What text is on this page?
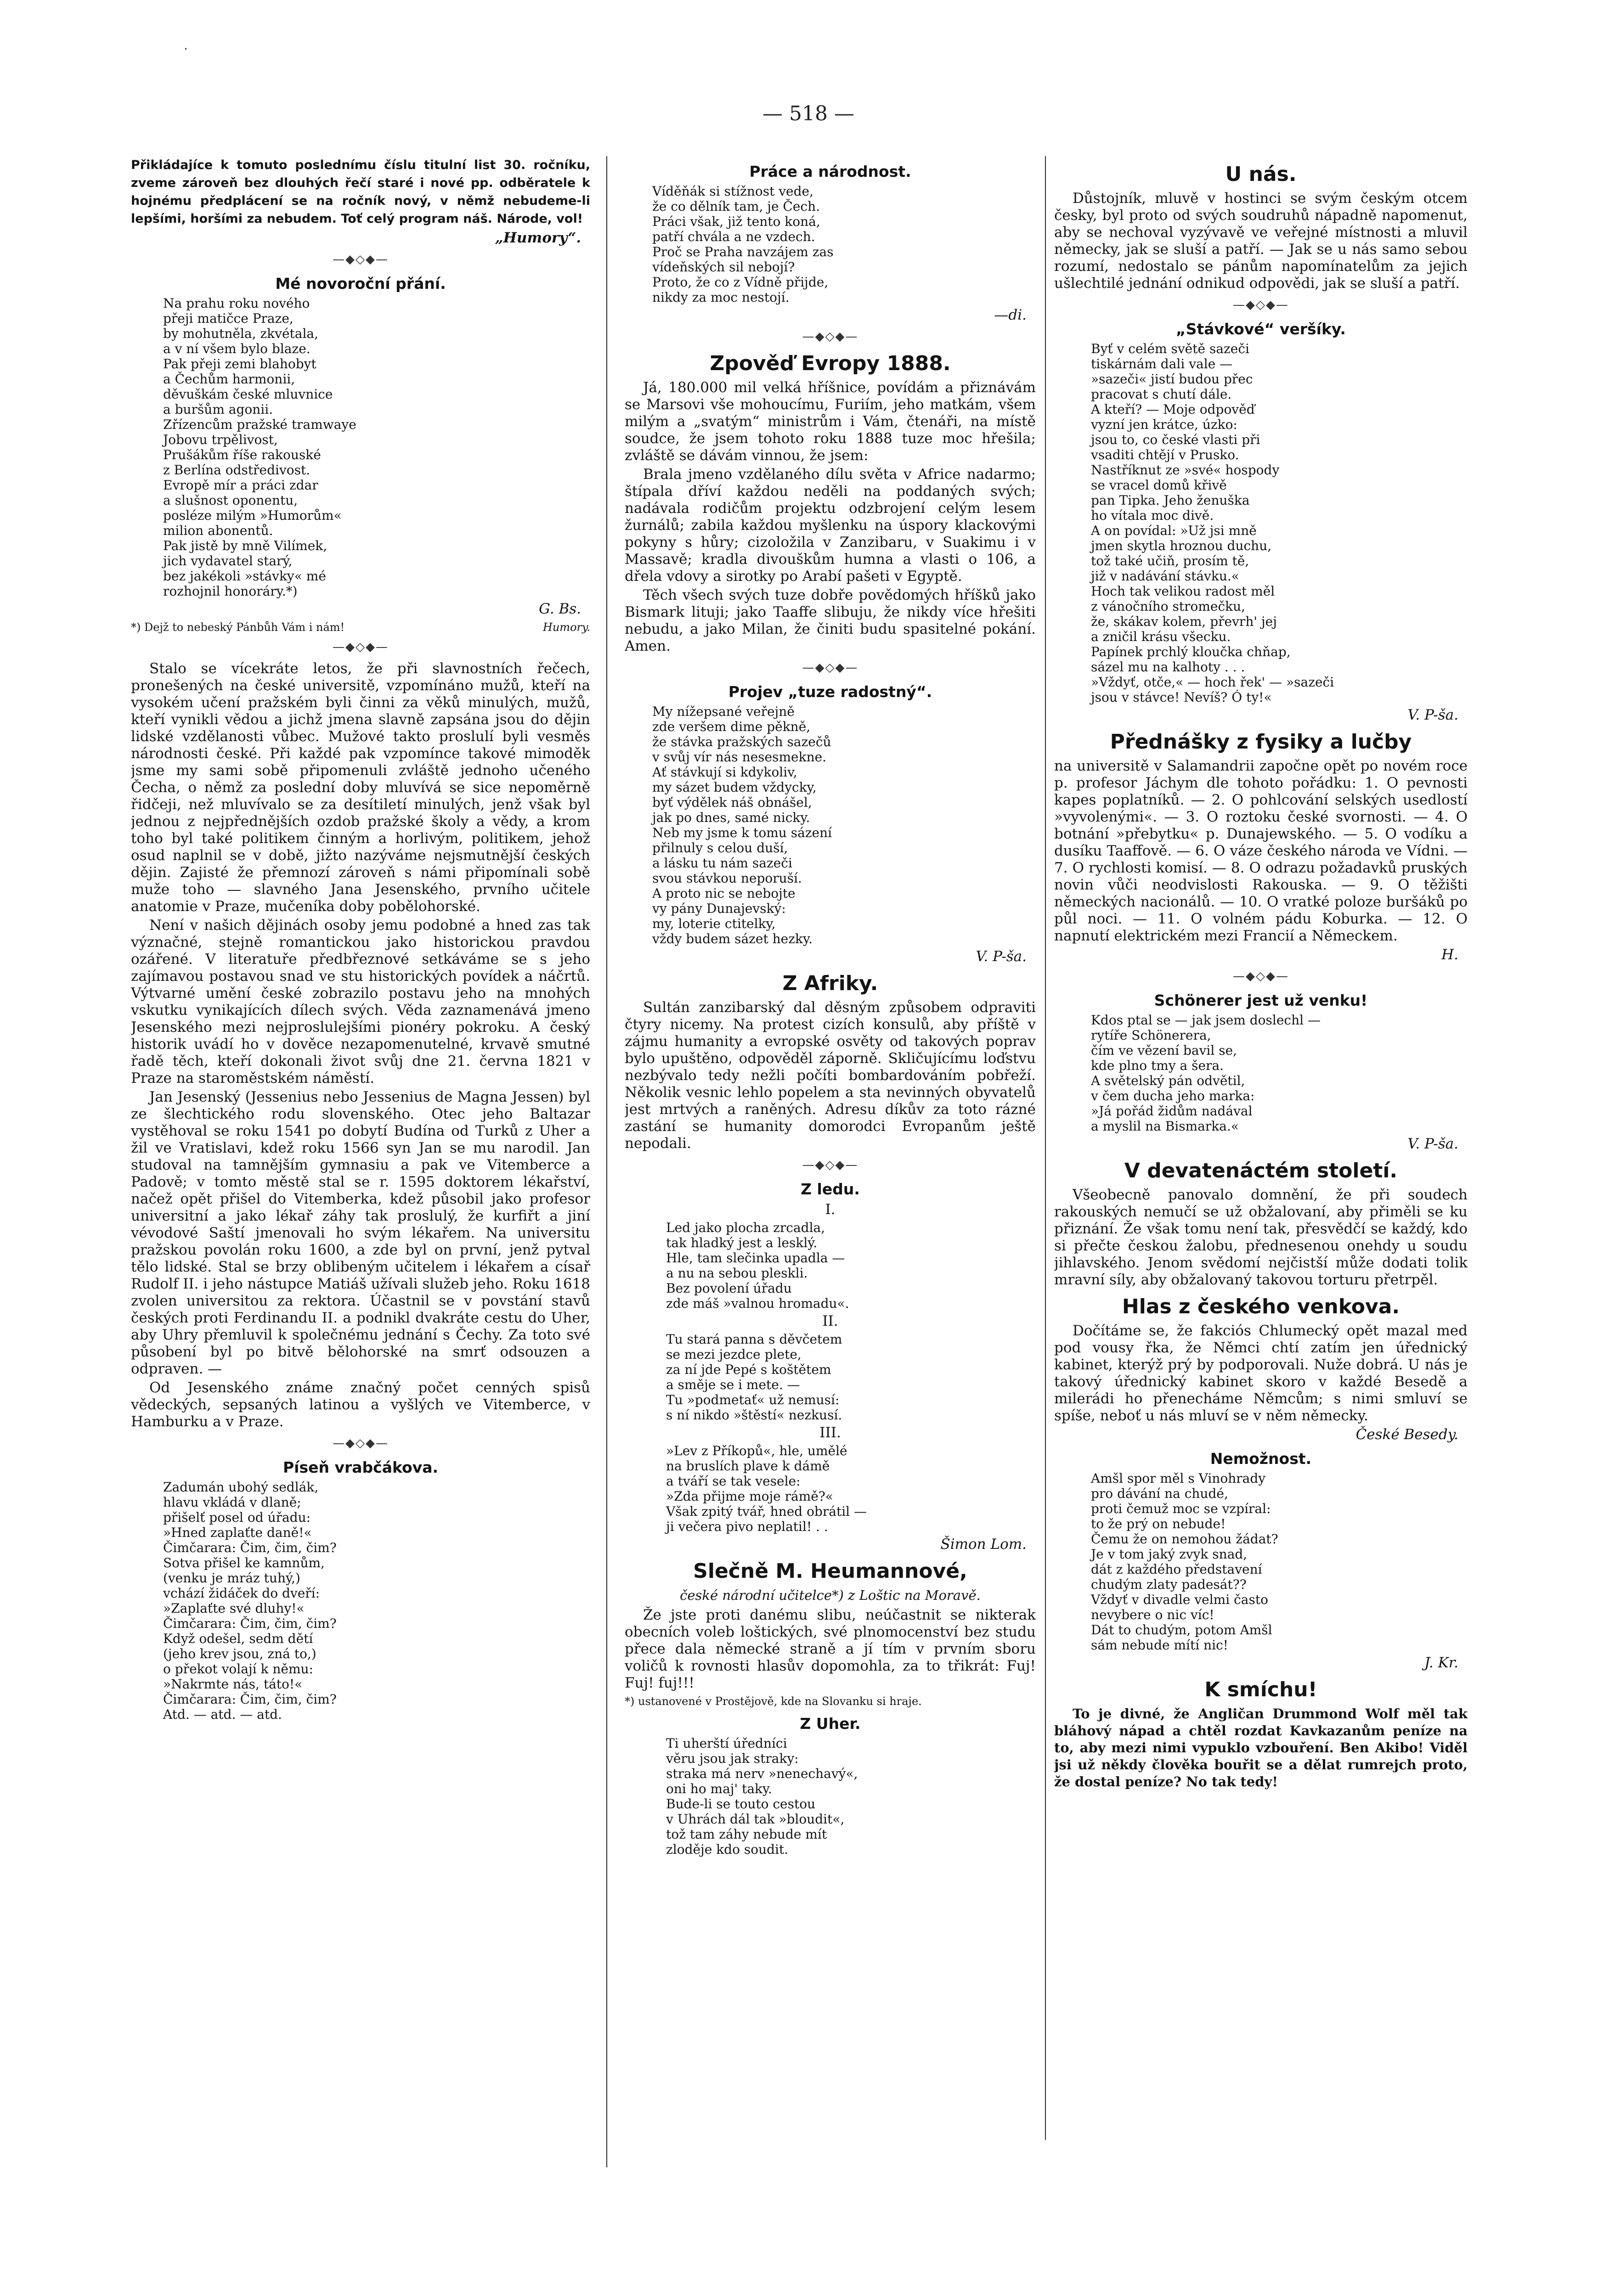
·
— 518 —

Přikládajíce k tomuto poslednímu číslu titulní list 30. ročníku, zveme zároveň bez dlouhých řečí staré i nové pp. odběratele k hojnému předplácení se na ročník nový, v němž nebudeme-li lepšími, horšími za nebudem. Toť celý program náš. Národe, vol!

„Humory“.

—◆◇◆—
Mé novoroční přání.
Na prahu roku nového
přeji matičce Praze,
by mohutněla, zkvétala,
a v ní všem bylo blaze.
Pak přeji zemi blahobyt
a Čechům harmonii,
děvuškám české mluvnice
a buršům agonii.
Zřízencům pražské tramwaye
Jobovu trpělivost,
Prušákům říše rakouské
z Berlína odstředivost.
Evropě mír a práci zdar
a slušnost oponentu,
posléze milým »Humorům«
milion abonentů.
Pak jistě by mně Vilímek,
jich vydavatel starý,
bez jakékoli »stávky« mé
rozhojnil honoráry.*)

G. Bs.

*) Dejž to nebeský Pánbůh Vám i nám!	Humory.
—◆◇◆—

Stalo se vícekráte letos, že při slavnostních řečech, pronešených na české universitě, vzpomínáno mužů, kteří na vysokém učení pražském byli činni za věků minulých, mužů, kteří vynikli vědou a jichž jmena slavně zapsána jsou do dějin lidské vzdělanosti vůbec. Mužové takto proslulí byli vesměs národnosti české. Při každé pak vzpomínce takové mimoděk jsme my sami sobě připomenuli zvláště jednoho učeného Čecha, o němž za poslední doby mluvívá se sice nepoměrně řidčeji, než mluvívalo se za desítiletí minulých, jenž však byl jednou z nejpřednějších ozdob pražské školy a vědy, a krom toho byl také politikem činným a horlivým, politikem, jehož osud naplnil se v době, jižto nazýváme nejsmutnější českých dějin. Zajisté že přemnozí zároveň s námi připomínali sobě muže toho — slavného Jana Jesenského, prvního učitele anatomie v Praze, mučeníka doby pobělohorské.

Není v našich dějinách osoby jemu podobné a hned zas tak význačné, stejně romantickou jako historickou pravdou ozářené. V literatuře předbřeznové setkáváme se s jeho zajímavou postavou snad ve stu historických povídek a náčrtů. Výtvarné umění české zobrazilo postavu jeho na mnohých vskutku vynikajících dílech svých. Věda zaznamenává jmeno Jesenského mezi nejproslulejšími pionéry pokroku. A český historik uvádí ho v dověce nezapomenutelné, krvavě smutné řadě těch, kteří dokonali život svůj dne 21. června 1821 v Praze na staroměstském náměstí.

Jan Jesenský (Jessenius nebo Jessenius de Magna Jessen) byl ze šlechtického rodu slovenského. Otec jeho Baltazar vystěhoval se roku 1541 po dobytí Budína od Turků z Uher a žil ve Vratislavi, kdež roku 1566 syn Jan se mu narodil. Jan studoval na tamnějším gymnasiu a pak ve Vitemberce a Padově; v tomto městě stal se r. 1595 doktorem lékařství, načež opět přišel do Vitemberka, kdež působil jako profesor universitní a jako lékař záhy tak proslulý, že kurfiřt a jiní vévodové Saští jmenovali ho svým lékařem. Na universitu pražskou povolán roku 1600, a zde byl on první, jenž pytval tělo lidské. Stal se brzy oblibeným učitelem i lékařem a císař Rudolf II. i jeho nástupce Matiáš užívali služeb jeho. Roku 1618 zvolen universitou za rektora. Účastnil se v povstání stavů českých proti Ferdinandu II. a podnikl dvakráte cestu do Uher, aby Uhry přemluvil k společnému jednání s Čechy. Za toto své působení byl po bitvě bělohorské na smrť odsouzen a odpraven. —

Od Jesenského známe značný počet cenných spisů vědeckých, sepsaných latinou a vyšlých ve Vitemberce, v Hamburku a v Praze.

—◆◇◆—
Píseň vrabčákova.
Zadumán ubohý sedlák,
hlavu vkládá v dlaně;
přišelť posel od úřadu:
»Hned zaplaťte daně!«
Čimčarara: Čim, čim, čim?
Sotva přišel ke kamnům,
(venku je mráz tuhý,)
vchází židáček do dveří:
»Zaplaťte své dluhy!«
Čimčarara: Čim, čim, čim?
Když odešel, sedm dětí
(jeho krev jsou, zná to,)
o překot volají k němu:
»Nakrmte nás, táto!«
Čimčarara: Čim, čim, čim?
Atd. — atd. — atd.
Práce a národnost.
Víděňák si stížnost vede,
že co dělník tam, je Čech.
Práci však, již tento koná,
patří chvála a ne vzdech.
Proč se Praha navzájem zas
vídeňských sil nebojí?
Proto, že co z Vídně přijde,
nikdy za moc nestojí.

—di.

—◆◇◆—
Zpověď Evropy 1888.

Já, 180.000 mil velká hříšnice, povídám a přiznávám se Marsovi vše mohoucímu, Furiím, jeho matkám, všem milým a „svatým“ ministrům i Vám, čtenáři, na místě soudce, že jsem tohoto roku 1888 tuze moc hřešila; zvláště se dávám vinnou, že jsem:

Brala jmeno vzdělaného dílu světa v Africe nadarmo; štípala dříví každou neděli na poddaných svých; nadávala rodičům projektu odzbrojení celým lesem žurnálů; zabila každou myšlenku na úspory klackovými pokyny s hůry; cizoložila v Zanzibaru, v Suakimu i v Massavě; kradla divouškům humna a vlasti o 106, a dřela vdovy a sirotky po Arabí pašeti v Egyptě.

Těch všech svých tuze dobře povědomých hříšků jako Bismark lituji; jako Taaffe slibuju, že nikdy více hřešiti nebudu, a jako Milan, že činiti budu spasitelné pokání. Amen.

—◆◇◆—
Projev „tuze radostný“.
My nížepsané veřejně
zde veršem dime pěkně,
že stávka pražských sazečů
v svůj vír nás nesesmekne.
Ať stávkují si kdykoliv,
my sázet budem vždycky,
byť výdělek náš obnášel,
jak po dnes, samé nicky.
Neb my jsme k tomu sázení
přilnuly s celou duší,
a lásku tu nám sazeči
svou stávkou neporuší.
A proto nic se nebojte
vy pány Dunajevský:
my, loterie ctitelky,
vždy budem sázet hezky.

V. P-ša.

Z Afriky.

Sultán zanzibarský dal děsným způsobem odpraviti čtyry nicemy. Na protest cizích konsulů, aby příště v zájmu humanity a evropské osvěty od takových poprav bylo upuštěno, odpověděl záporně. Skličujícímu loďstvu nezbývalo tedy nežli počíti bombardováním pobřeží. Několik vesnic lehlo popelem a sta nevinných obyvatelů jest mrtvých a raněných. Adresu díkův za toto rázné zastání se humanity domorodci Evropanům ještě nepodali.

—◆◇◆—
Z ledu.
I.
Led jako plocha zrcadla,
tak hladký jest a lesklý.
Hle, tam slečinka upadla —
a nu na sebou pleskli.
Bez povolení úřadu
zde máš »valnou hromadu«.
II.
Tu stará panna s děvčetem
se mezi jezdce plete,
za ní jde Pepé s koštětem
a směje se i mete. —
Tu »podmetať« už nemusí:
s ní nikdo »štěstí« nezkusí.
III.
»Lev z Příkopů«, hle, umělé
na bruslích plave k dámě
a tváří se tak vesele:
»Zda přijme moje rámě?«
Však zpitý tvář, hned obrátil —
ji večera pivo neplatil! . .

Šimon Lom.

Slečně M. Heumannové,
české národní učitelce*) z Loštic na Moravě.

Že jste proti danému slibu, neúčastnit se nikterak obecních voleb loštických, své plnomocenství bez studu přece dala německé straně a jí tím v prvním sboru voličů k rovnosti hlasův dopomohla, za to třikrát: Fuj! Fuj! fuj!!!

*) ustanovené v Prostějově, kde na Slovanku si hraje.
Z Uher.
Ti uherští úředníci
věru jsou jak straky:
straka má nerv »nenechavý«,
oni ho maj' taky.
Bude-li se touto cestou
v Uhrách dál tak »bloudit«,
tož tam záhy nebude mít
zloděje kdo soudit.
U nás.

Důstojník, mluvě v hostinci se svým českým otcem česky, byl proto od svých soudruhů nápadně napomenut, aby se nechoval vyzývavě ve veřejné místnosti a mluvil německy, jak se sluší a patří. — Jak se u nás samo sebou rozumí, nedostalo se pánům napomínatelům za jejich ušlechtilé jednání odnikud odpovědi, jak se sluší a patří.

—◆◇◆—
„Stávkové“ veršíky.
Byť v celém světě sazeči
tiskárnám dali vale —
»sazeči« jistí budou přec
pracovat s chutí dále.
A kteří? — Moje odpověď
vyzní jen krátce, úzko:
jsou to, co české vlasti při
vsaditi chtějí v Prusko.
Nastříknut ze »své« hospody
se vracel domů křivě
pan Tipka. Jeho ženuška
ho vítala moc divě.
A on povídal: »Už jsi mně
jmen skytla hroznou duchu,
tož také učiň, prosím tě,
již v nadávání stávku.«
Hoch tak velikou radost měl
z vánočního stromečku,
že, skákav kolem, převrh' jej
a zničil krásu všecku.
Papínek prchlý kloučka chňap,
sázel mu na kalhoty . . .
»Vždyť, otče,« — hoch řek' — »sazeči
jsou v stávce! Nevíš? Ó ty!«

V. P-ša.

Přednášky z fysiky a lučby

na universitě v Salamandrii započne opět po novém roce p. profesor Jáchym dle tohoto pořádku: 1. O pevnosti kapes poplatníků. — 2. O pohlcování selských usedlostí »vyvolenými«. — 3. O roztoku české svornosti. — 4. O botnání »přebytku« p. Dunajewského. — 5. O vodíku a dusíku Taaffově. — 6. O váze českého národa ve Vídni. — 7. O rychlosti komisí. — 8. O odrazu požadavků pruských novin vůči neodvislosti Rakouska. — 9. O těžišti německých nacionálů. — 10. O vratké poloze buršáků po půl noci. — 11. O volném pádu Koburka. — 12. O napnutí elektrickém mezi Francií a Německem.

H.

—◆◇◆—
Schönerer jest už venku!
Kdos ptal se — jak jsem doslechl —
rytíře Schönerera,
čím ve vězení bavil se,
kde plno tmy a šera.
A světelský pán odvětil,
v čem ducha jeho marka:
»Já pořád židům nadával
a myslil na Bismarka.«

V. P-ša.

V devatenáctém století.

Všeobecně panovalo domnění, že při soudech rakouských nemučí se už obžalovaní, aby přiměli se ku přiznání. Že však tomu není tak, přesvědčí se každý, kdo si přečte českou žalobu, přednesenou onehdy u soudu jihlavského. Jenom svědomí nejčistší může dodati tolik mravní síly, aby obžalovaný takovou torturu přetrpěl.

Hlas z českého venkova.

Dočítáme se, že fakciós Chlumecký opět mazal med pod vousy řka, že Němci chtí zatím jen úřednický kabinet, kterýž prý by podporovali. Nuže dobrá. U nás je takový úřednický kabinet skoro v každé Besedě a milerádi ho přenecháme Němcům; s nimi smluví se spíše, neboť u nás mluví se v něm německy.

České Besedy.

Nemožnost.
Amšl spor měl s Vinohrady
pro dávání na chudé,
proti čemuž moc se vzpíral:
to že prý on nebude!
Čemu že on nemohou žádat?
Je v tom jaký zvyk snad,
dát z každého představení
chudým zlaty padesát??
Vždyť v divadle velmi často
nevybere o nic víc!
Dát to chudým, potom Amšl
sám nebude mítí nic!

J. Kr.

K smíchu!

To je divné, že Angličan Drummond Wolf měl tak bláhový nápad a chtěl rozdat Kavkazanům peníze na to, aby mezi nimi vypuklo vzbouření. Ben Akibo! Viděl jsi už někdy člověka bouřit se a dělat rumrejch proto, že dostal peníze? No tak tedy!
